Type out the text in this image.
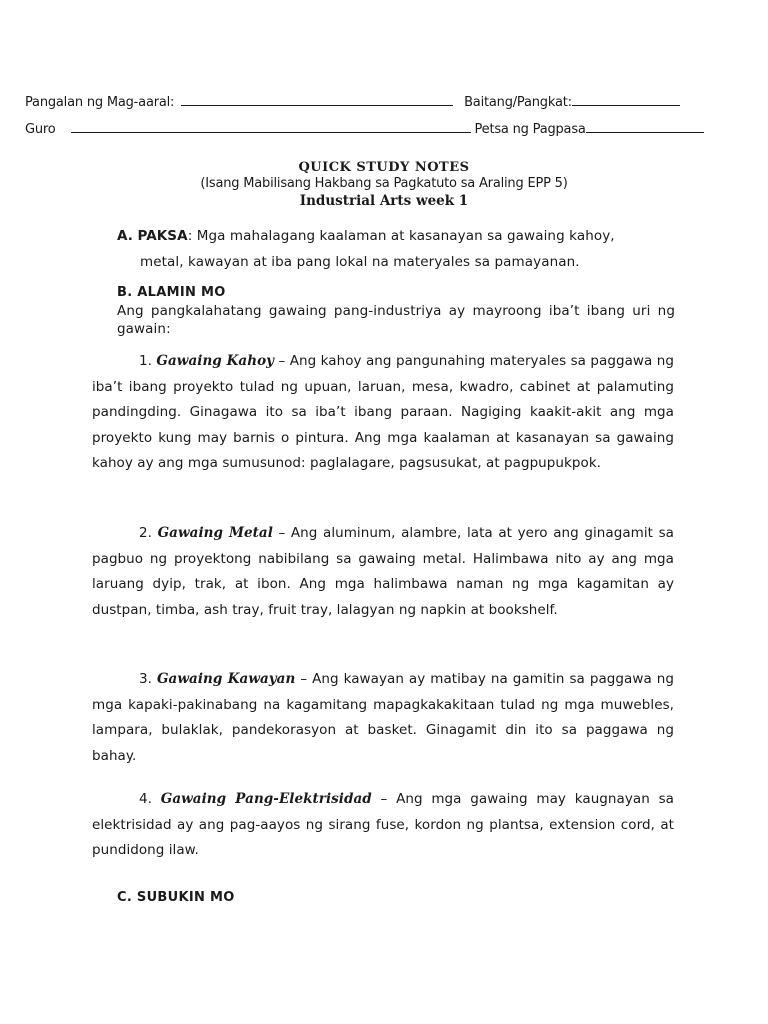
Pangalan ng Mag-aaral:	Baitang/Pangkat:
Guro	Petsa ng Pagpasa
QUICK STUDY NOTES
(Isang Mabilisang Hakbang sa Pagkatuto sa Araling EPP 5)
Industrial Arts week 1
A. PAKSA: Mga mahalagang kaalaman at kasanayan sa gawaing kahoy,
metal, kawayan at iba pang lokal na materyales sa pamayanan.
B. ALAMIN MO
Ang pangkalahatang gawaing pang-industriya ay mayroong iba’t ibang uri ng gawain:
1. Gawaing Kahoy – Ang kahoy ang pangunahing materyales sa paggawa ng iba’t ibang proyekto tulad ng upuan, laruan, mesa, kwadro, cabinet at palamuting pandingding. Ginagawa ito sa iba’t ibang paraan. Nagiging kaakit-akit ang mga proyekto kung may barnis o pintura. Ang mga kaalaman at kasanayan sa gawaing kahoy ay ang mga sumusunod: paglalagare, pagsusukat, at pagpupukpok.
2. Gawaing Metal – Ang aluminum, alambre, lata at yero ang ginagamit sa pagbuo ng proyektong nabibilang sa gawaing metal. Halimbawa nito ay ang mga laruang dyip, trak, at ibon. Ang mga halimbawa naman ng mga kagamitan ay dustpan, timba, ash tray, fruit tray, lalagyan ng napkin at bookshelf.
3. Gawaing Kawayan – Ang kawayan ay matibay na gamitin sa paggawa ng mga kapaki-pakinabang na kagamitang mapagkakakitaan tulad ng mga muwebles, lampara, bulaklak, pandekorasyon at basket. Ginagamit din ito sa paggawa ng bahay.
4. Gawaing Pang-Elektrisidad – Ang mga gawaing may kaugnayan sa elektrisidad ay ang pag-aayos ng sirang fuse, kordon ng plantsa, extension cord, at pundidong ilaw.
C. SUBUKIN MO
